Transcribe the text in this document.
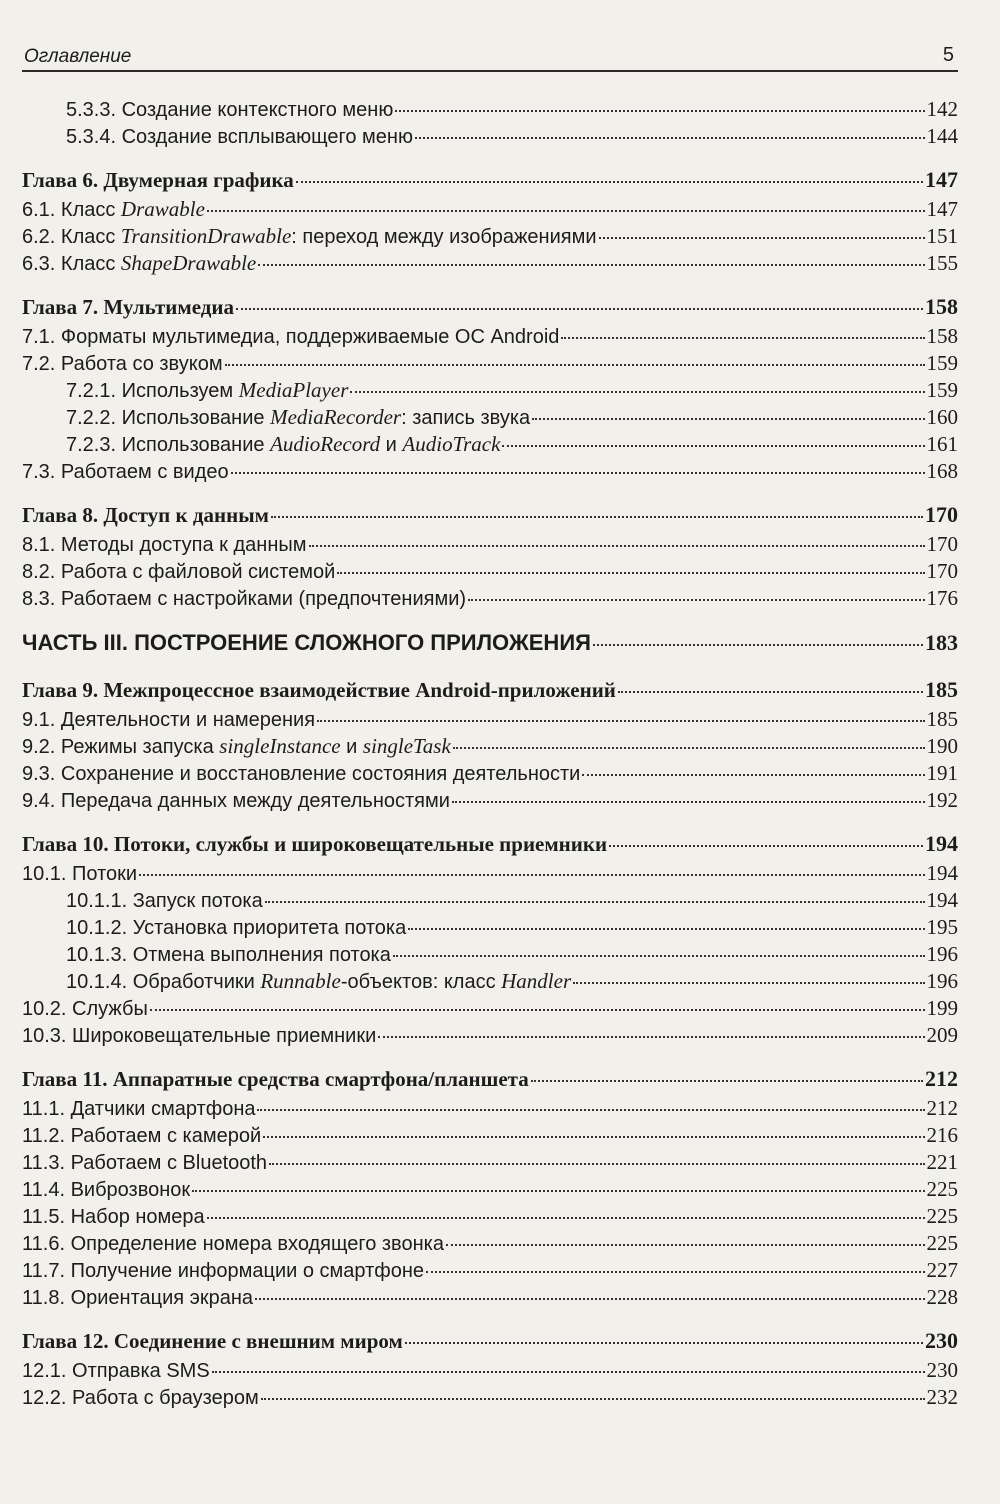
Оглавление	5
5.3.3. Создание контекстного меню	142
5.3.4. Создание всплывающего меню	144
Глава 6. Двумерная графика	147
6.1. Класс Drawable	147
6.2. Класс TransitionDrawable: переход между изображениями	151
6.3. Класс ShapeDrawable	155
Глава 7. Мультимедиа	158
7.1. Форматы мультимедиа, поддерживаемые ОС Android	158
7.2. Работа со звуком	159
7.2.1. Используем MediaPlayer	159
7.2.2. Использование MediaRecorder: запись звука	160
7.2.3. Использование AudioRecord и AudioTrack	161
7.3. Работаем с видео	168
Глава 8. Доступ к данным	170
8.1. Методы доступа к данным	170
8.2. Работа с файловой системой	170
8.3. Работаем с настройками (предпочтениями)	176
ЧАСТЬ III. ПОСТРОЕНИЕ СЛОЖНОГО ПРИЛОЖЕНИЯ	183
Глава 9. Межпроцессное взаимодействие Android-приложений	185
9.1. Деятельности и намерения	185
9.2. Режимы запуска singleInstance и singleTask	190
9.3. Сохранение и восстановление состояния деятельности	191
9.4. Передача данных между деятельностями	192
Глава 10. Потоки, службы и широковещательные приемники	194
10.1. Потоки	194
10.1.1. Запуск потока	194
10.1.2. Установка приоритета потока	195
10.1.3. Отмена выполнения потока	196
10.1.4. Обработчики Runnable-объектов: класс Handler	196
10.2. Службы	199
10.3. Широковещательные приемники	209
Глава 11. Аппаратные средства смартфона/планшета	212
11.1. Датчики смартфона	212
11.2. Работаем с камерой	216
11.3. Работаем с Bluetooth	221
11.4. Виброзвонок	225
11.5. Набор номера	225
11.6. Определение номера входящего звонка	225
11.7. Получение информации о смартфоне	227
11.8. Ориентация экрана	228
Глава 12. Соединение с внешним миром	230
12.1. Отправка SMS	230
12.2. Работа с браузером	232
